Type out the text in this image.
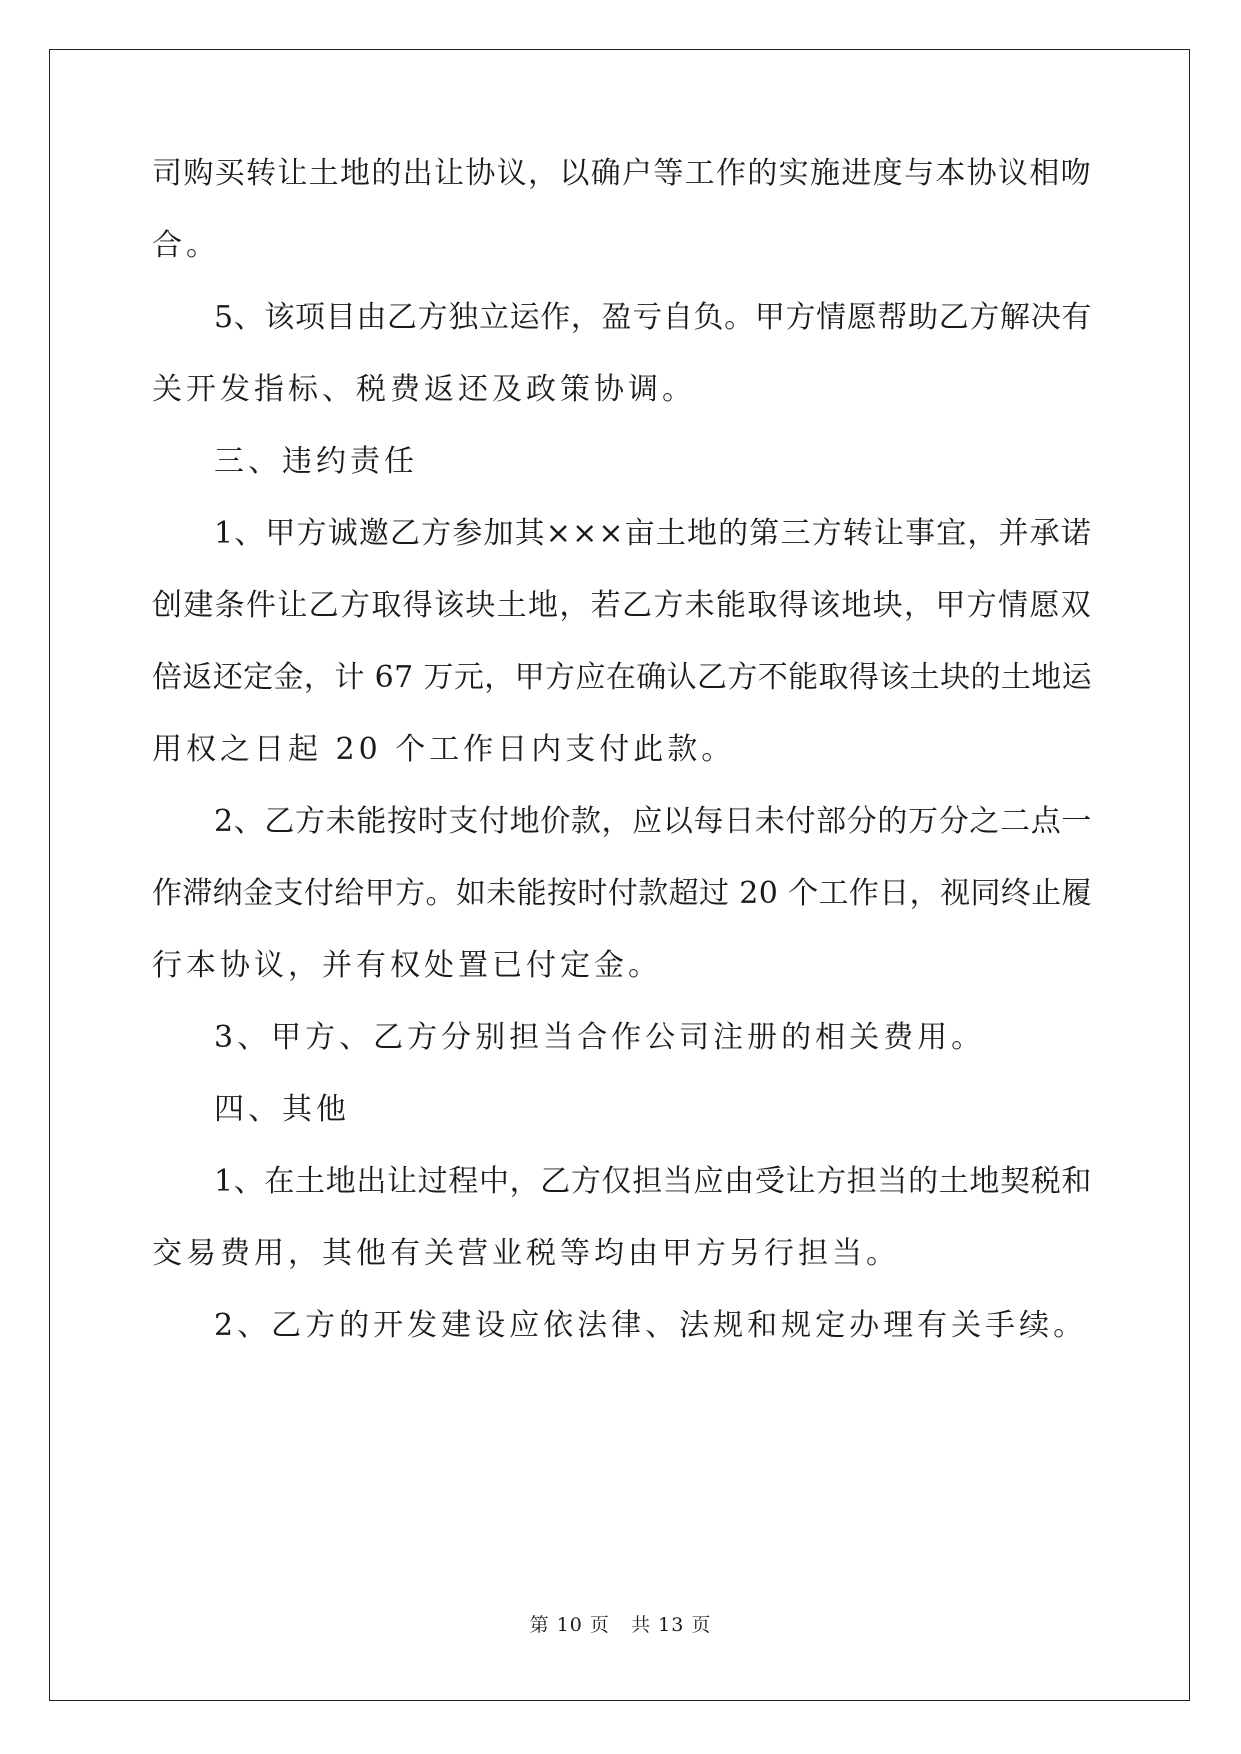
司购买转让土地的出让协议，以确户等工作的实施进度与本协议相吻
合。
5、该项目由乙方独立运作，盈亏自负。甲方情愿帮助乙方解决有
关开发指标、税费返还及政策协调。
三、违约责任
1、甲方诚邀乙方参加其×××亩土地的第三方转让事宜，并承诺
创建条件让乙方取得该块土地，若乙方未能取得该地块，甲方情愿双
倍返还定金，计 67 万元，甲方应在确认乙方不能取得该土块的土地运
用权之日起 20 个工作日内支付此款。
2、乙方未能按时支付地价款，应以每日未付部分的万分之二点一
作滞纳金支付给甲方。如未能按时付款超过 20 个工作日，视同终止履
行本协议，并有权处置已付定金。
3、甲方、乙方分别担当合作公司注册的相关费用。
四、其他
1、在土地出让过程中，乙方仅担当应由受让方担当的土地契税和
交易费用，其他有关营业税等均由甲方另行担当。
2、乙方的开发建设应依法律、法规和规定办理有关手续。
第 10 页 共 13 页
